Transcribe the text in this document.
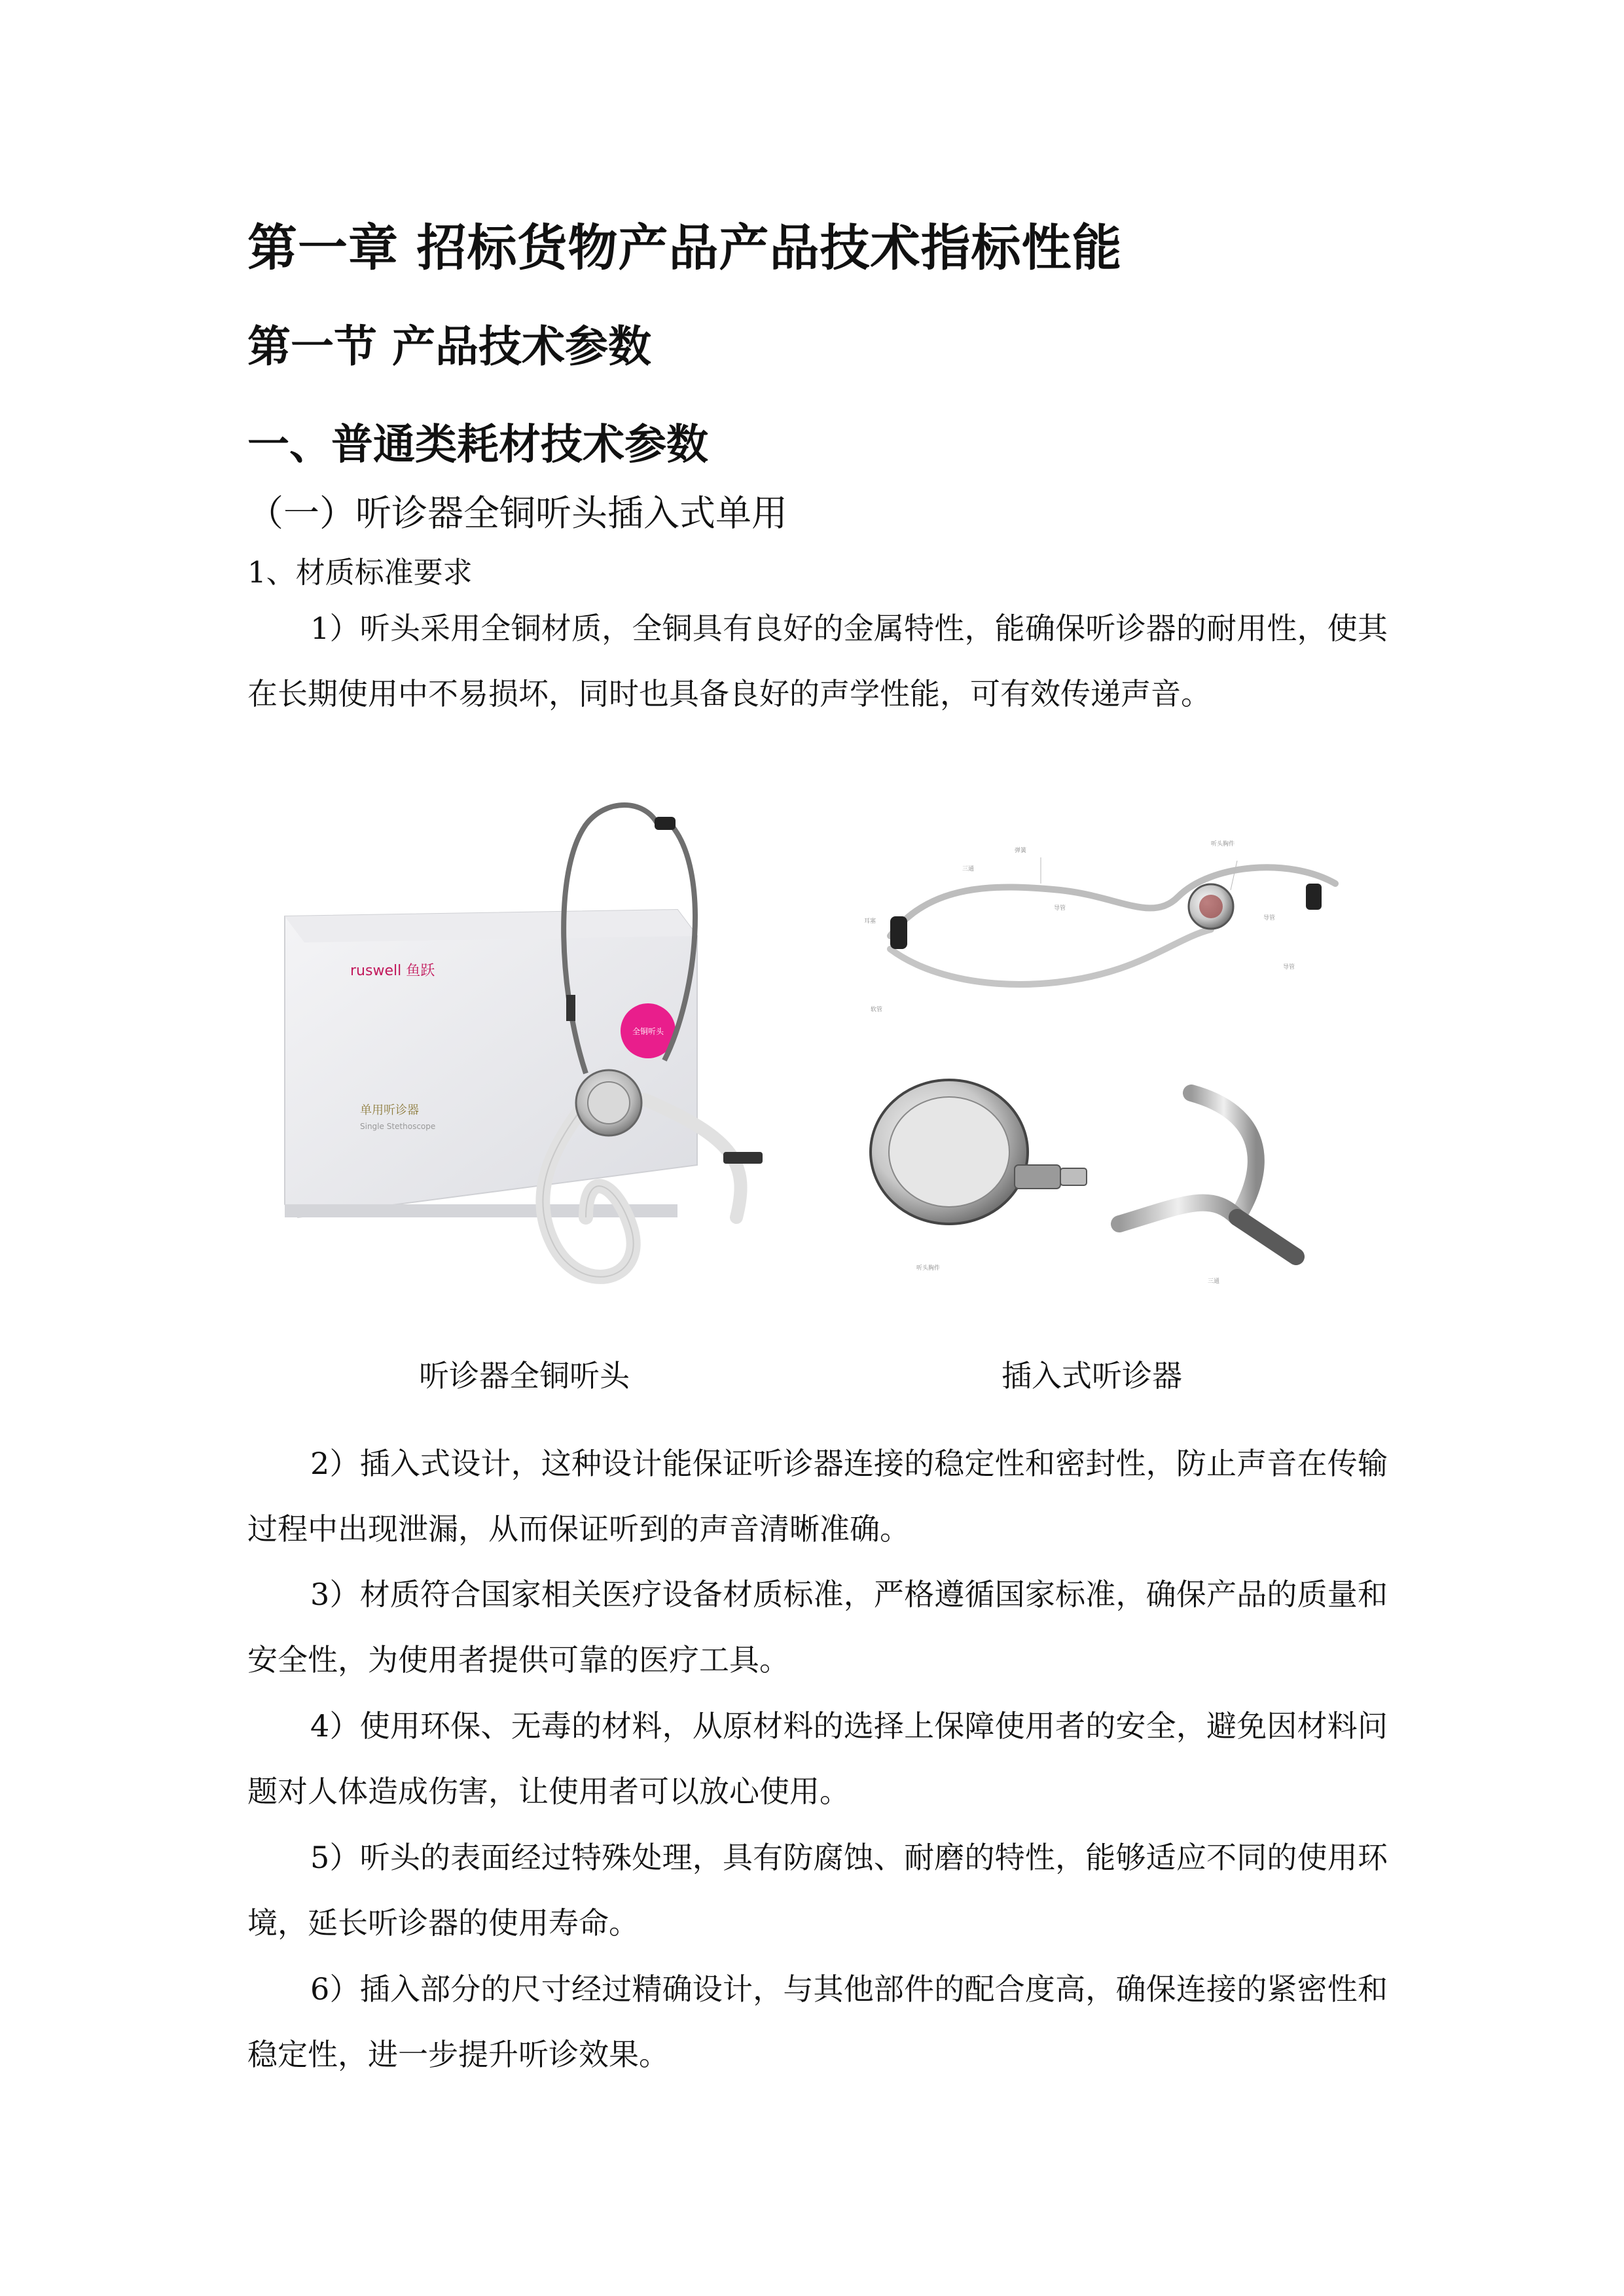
第一章 招标货物产品产品技术指标性能
第一节 产品技术参数
一、普通类耗材技术参数
（一）听诊器全铜听头插入式单用
1、材质标准要求

1）听头采用全铜材质，全铜具有良好的金属特性，能确保听诊器的耐用性，使其在长期使用中不易损坏，同时也具备良好的声学性能，可有效传递声音。

ruswell 鱼跃
单用听诊器
Single Stethoscope
全铜听头
耳塞
三通
弹簧
听头胸件
导管
导管
软管
导管
听头胸件
三通
听诊器全铜听头	插入式听诊器

2）插入式设计，这种设计能保证听诊器连接的稳定性和密封性，防止声音在传输过程中出现泄漏，从而保证听到的声音清晰准确。

3）材质符合国家相关医疗设备材质标准，严格遵循国家标准，确保产品的质量和安全性，为使用者提供可靠的医疗工具。

4）使用环保、无毒的材料，从原材料的选择上保障使用者的安全，避免因材料问题对人体造成伤害，让使用者可以放心使用。

5）听头的表面经过特殊处理，具有防腐蚀、耐磨的特性，能够适应不同的使用环境，延长听诊器的使用寿命。

6）插入部分的尺寸经过精确设计，与其他部件的配合度高，确保连接的紧密性和稳定性，进一步提升听诊效果。
